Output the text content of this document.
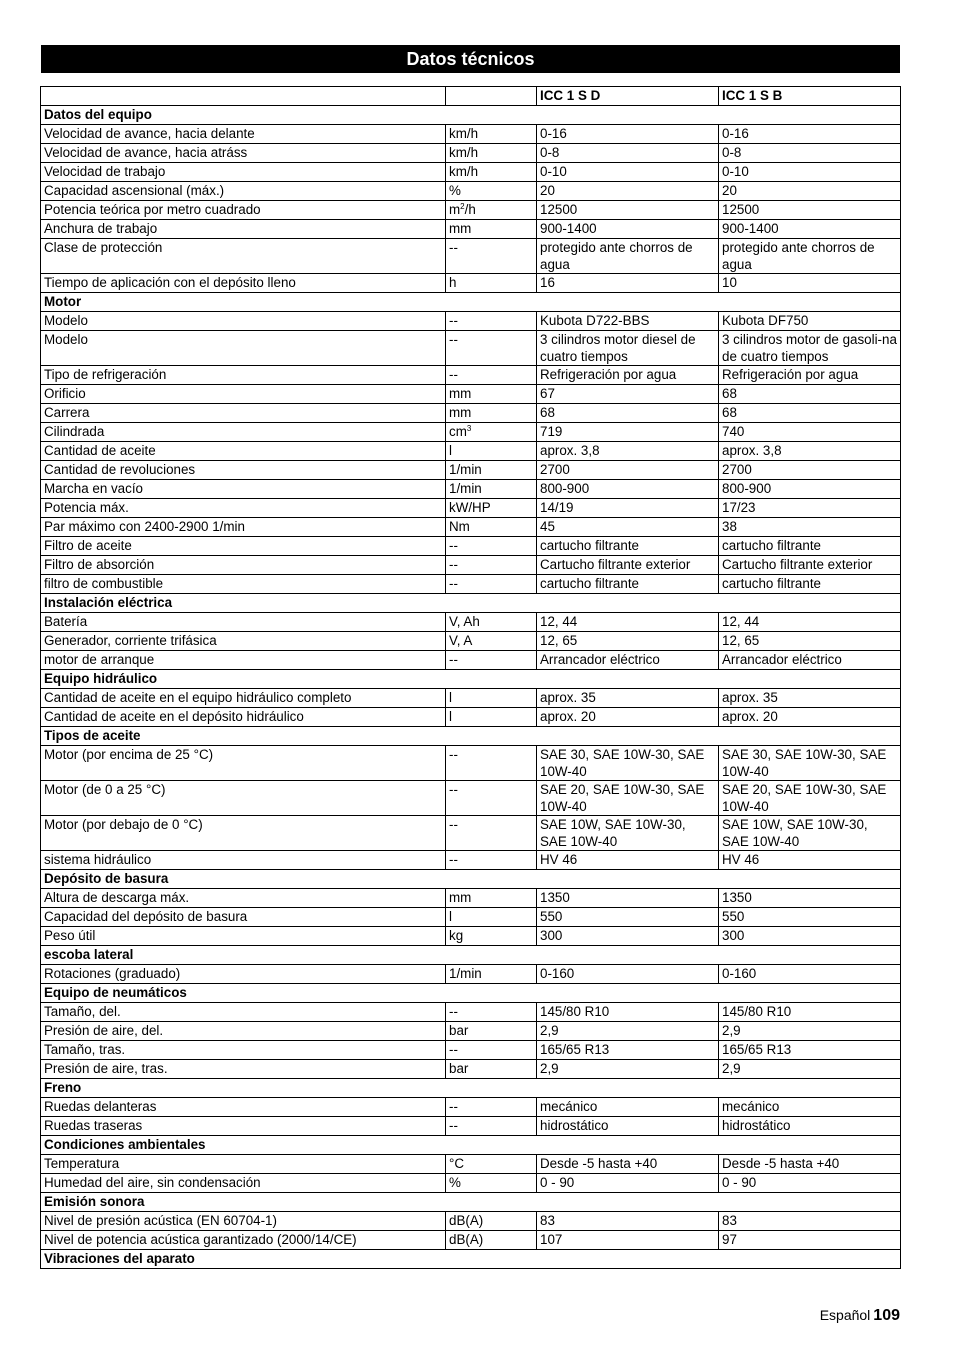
Datos técnicos
		ICC 1 S D	ICC 1 S B
Datos del equipo			
Velocidad de avance, hacia delante	km/h	0-16	0-16
Velocidad de avance, hacia atráss	km/h	0-8	0-8
Velocidad de trabajo	km/h	0-10	0-10
Capacidad ascensional (máx.)	%	20	20
Potencia teórica por metro cuadrado	$m^2/h$	12500	12500
Anchura de trabajo	mm	900-1400	900-1400
Clase de protección	--	protegido ante chorros de agua	protegido ante chorros de agua
Tiempo de aplicación con el depósito lleno	h	16	10
Motor			
Modelo	--	Kubota D722-BBS	Kubota DF750
Modelo	--	3 cilindros motor diesel de cuatro tiempos	3 cilindros motor de gasoli-na de cuatro tiempos
Tipo de refrigeración	--	Refrigeración por agua	Refrigeración por agua
Orificio	mm	67	68
Carrera	mm	68	68
Cilindrada	$cm^3$	719	740
Cantidad de aceite	l	aprox. 3,8	aprox. 3,8
Cantidad de revoluciones	1/min	2700	2700
Marcha en vacío	1/min	800-900	800-900
Potencia máx.	kW/HP	14/19	17/23
Par máximo con 2400-2900 1/min	Nm	45	38
Filtro de aceite	--	cartucho filtrante	cartucho filtrante
Filtro de absorción	--	Cartucho filtrante exterior	Cartucho filtrante exterior
filtro de combustible	--	cartucho filtrante	cartucho filtrante
Instalación eléctrica			
Batería	V, Ah	12, 44	12, 44
Generador, corriente trifásica	V, A	12, 65	12, 65
motor de arranque	--	Arrancador eléctrico	Arrancador eléctrico
Equipo hidráulico			
Cantidad de aceite en el equipo hidráulico completo	l	aprox. 35	aprox. 35
Cantidad de aceite en el depósito hidráulico	l	aprox. 20	aprox. 20
Tipos de aceite			
Motor (por encima de 25 °C)	--	SAE 30, SAE 10W-30, SAE 10W-40	SAE 30, SAE 10W-30, SAE 10W-40
Motor (de 0 a 25 °C)	--	SAE 20, SAE 10W-30, SAE 10W-40	SAE 20, SAE 10W-30, SAE 10W-40
Motor (por debajo de 0 °C)	--	SAE 10W, SAE 10W-30, SAE 10W-40	SAE 10W, SAE 10W-30, SAE 10W-40
sistema hidráulico	--	HV 46	HV 46
Depósito de basura			
Altura de descarga máx.	mm	1350	1350
Capacidad del depósito de basura	l	550	550
Peso útil	kg	300	300
escoba lateral			
Rotaciones (graduado)	1/min	0-160	0-160
Equipo de neumáticos			
Tamaño, del.	--	145/80 R10	145/80 R10
Presión de aire, del.	bar	2,9	2,9
Tamaño, tras.	--	165/65 R13	165/65 R13
Presión de aire, tras.	bar	2,9	2,9
Freno			
Ruedas delanteras	--	mecánico	mecánico
Ruedas traseras	--	hidrostático	hidrostático
Condiciones ambientales			
Temperatura	°C	Desde -5 hasta +40	Desde -5 hasta +40
Humedad del aire, sin condensación	%	0 - 90	0 - 90
Emisión sonora			
Nivel de presión acústica (EN 60704-1)	dB(A)	83	83
Nivel de potencia acústica garantizado (2000/14/CE)	dB(A)	107	97
Vibraciones del aparato			
Español 109
